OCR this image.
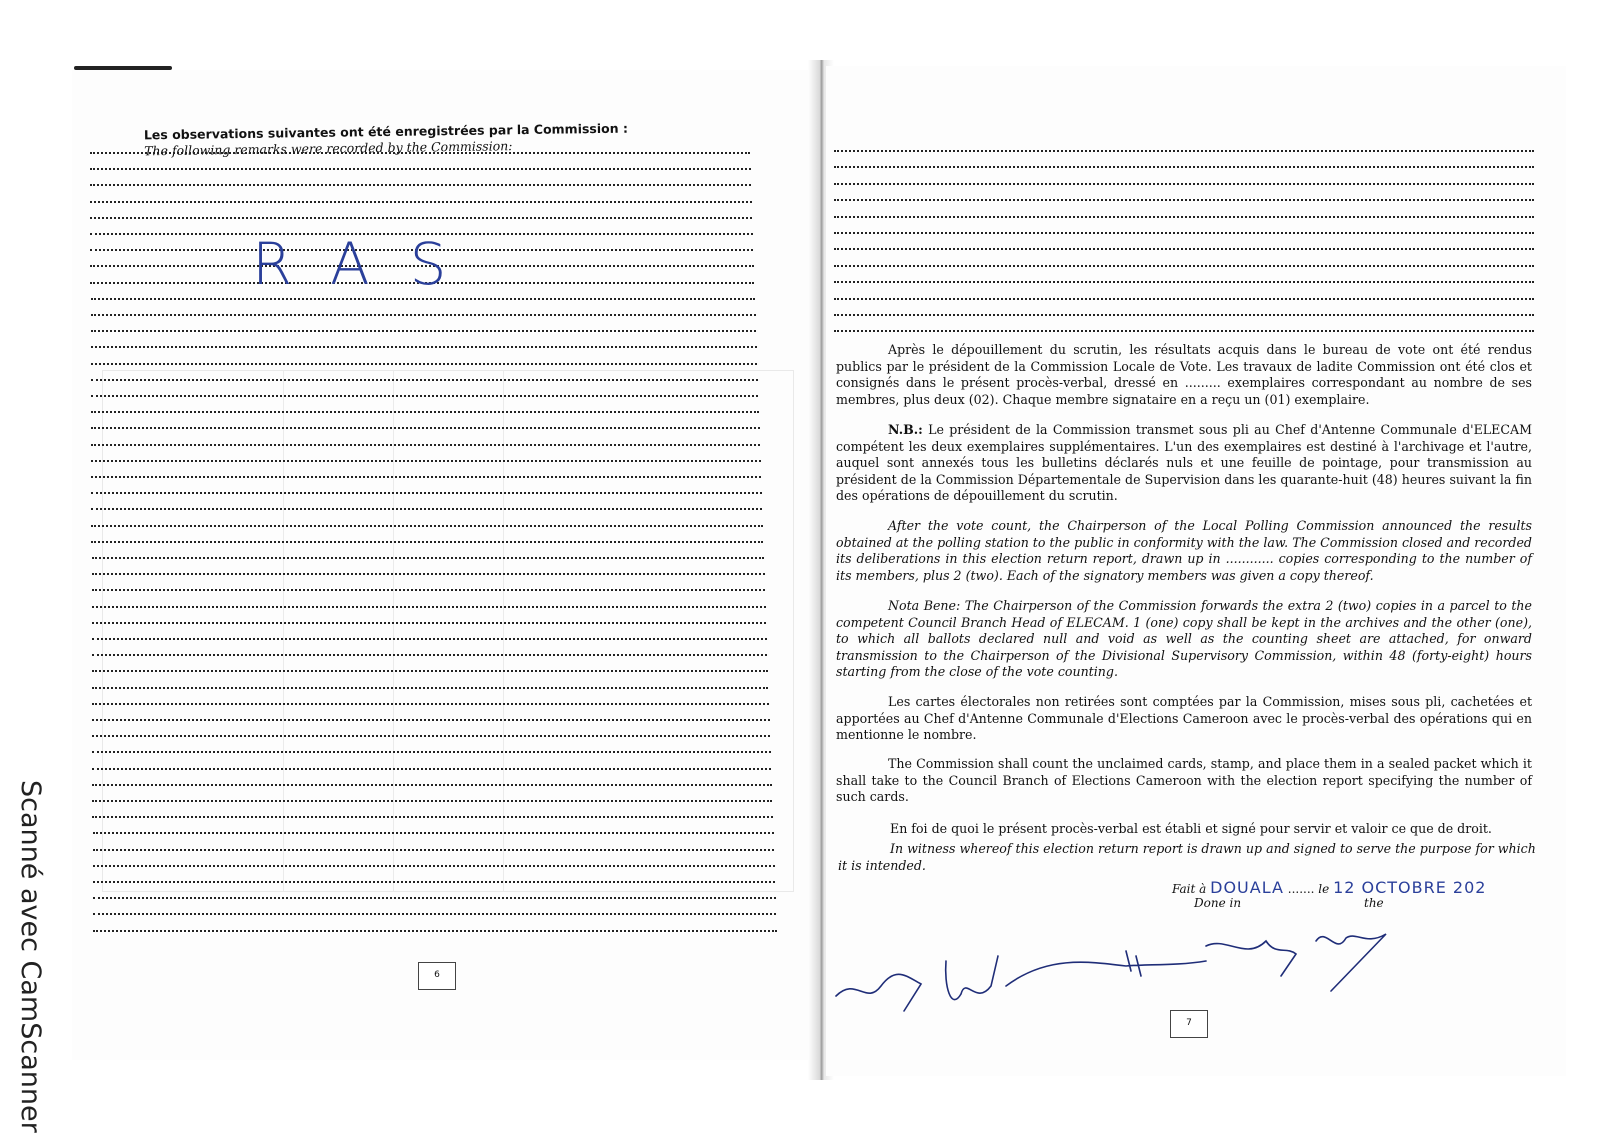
Scanné avec CamScanner
Les observations suivantes ont été enregistrées par la Commission :
The following remarks were recorded by the Commission:
RAS
6
Après le dépouillement du scrutin, les résultats acquis dans le bureau de vote ont été rendus publics par le président de la Commission Locale de Vote. Les travaux de ladite Commission ont été clos et consignés dans le présent procès-verbal, dressé en ......... exemplaires correspondant au nombre de ses membres, plus deux (02). Chaque membre signataire en a reçu un (01) exemplaire.
N.B.: Le président de la Commission transmet sous pli au Chef d'Antenne Communale d'ELECAM compétent les deux exemplaires supplémentaires. L'un des exemplaires est destiné à l'archivage et l'autre, auquel sont annexés tous les bulletins déclarés nuls et une feuille de pointage, pour transmission au président de la Commission Départementale de Supervision dans les quarante-huit (48) heures suivant la fin des opérations de dépouillement du scrutin.
After the vote count, the Chairperson of the Local Polling Commission announced the results obtained at the polling station to the public in conformity with the law. The Commission closed and recorded its deliberations in this election return report, drawn up in ............ copies corresponding to the number of its members, plus 2 (two). Each of the signatory members was given a copy thereof.
Nota Bene: The Chairperson of the Commission forwards the extra 2 (two) copies in a parcel to the competent Council Branch Head of ELECAM. 1 (one) copy shall be kept in the archives and the other (one), to which all ballots declared null and void as well as the counting sheet are attached, for onward transmission to the Chairperson of the Divisional Supervisory Commission, within 48 (forty-eight) hours starting from the close of the vote counting.
Les cartes électorales non retirées sont comptées par la Commission, mises sous pli, cachetées et apportées au Chef d'Antenne Communale d'Elections Cameroon avec le procès-verbal des opérations qui en mentionne le nombre.
The Commission shall count the unclaimed cards, stamp, and place them in a sealed packet which it shall take to the Council Branch of Elections Cameroon with the election report specifying the number of such cards.
En foi de quoi le présent procès-verbal est établi et signé pour servir et valoir ce que de droit.
In witness whereof this election return report is drawn up and signed to serve the purpose for which it is intended.
Fait à DOUALA ....... le 12 OCTOBRE 202
Done in	the
7
